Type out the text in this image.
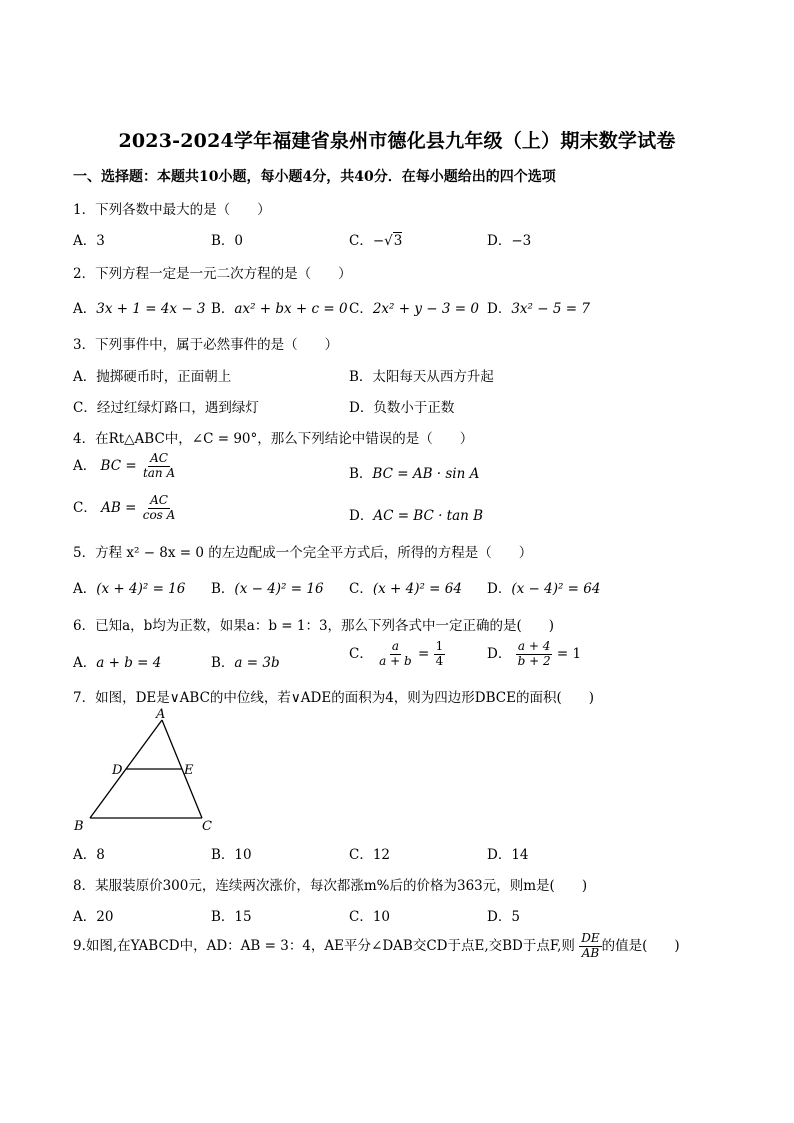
2023-2024学年福建省泉州市德化县九年级（上）期末数学试卷
一、选择题：本题共10小题，每小题4分，共40分．在每小题给出的四个选项
1．下列各数中最大的是（　　）
A．3	B．0	C．−√3	D．−3
2．下列方程一定是一元二次方程的是（　　）
A．3x + 1 = 4x − 3 B．ax² + bx + c = 0 C．2x² + y − 3 = 0 D．3x² − 5 = 7
3．下列事件中，属于必然事件的是（　　）
A．抛掷硬币时，正面朝上	B．太阳每天从西方升起
C．经过红绿灯路口，遇到绿灯	D．负数小于正数
4．在Rt△ABC中，∠C = 90°，那么下列结论中错误的是（　　）
A． BC = $\frac{AC}{\text{tan A}}$	B．BC = AB · sin A
C． AB = $\frac{AC}{\text{cos A}}$	D．AC = BC · tan B
5．方程 x² − 8x = 0 的左边配成一个完全平方式后，所得的方程是（　　）
A．(x + 4)² = 16 B．(x − 4)² = 16 C．(x + 4)² = 64 D．(x − 4)² = 64
6．已知a，b均为正数，如果a：b = 1：3，那么下列各式中一定正确的是(　　)
A．a + b = 4	B．a = 3b
C． $\frac{a}{a + b} = \frac{1}{4}$	D． $\frac{a + 4}{b + 2} = 1$
7．如图，DE是∨ABC的中位线，若∨ADE的面积为4，则为四边形DBCE的面积(　　)
A
B	C
D	E
A．8	B．10	C．12	D．14
8．某服装原价300元，连续两次涨价，每次都涨m%后的价格为363元，则m是(　　)
A．20	B．15	C．10	D．5
9.如图,在YABCD中，AD：AB = 3：4，AE平分∠DAB交CD于点E,交BD于点F,则 $\frac{DE}{AB}$ 的值是(　　)
